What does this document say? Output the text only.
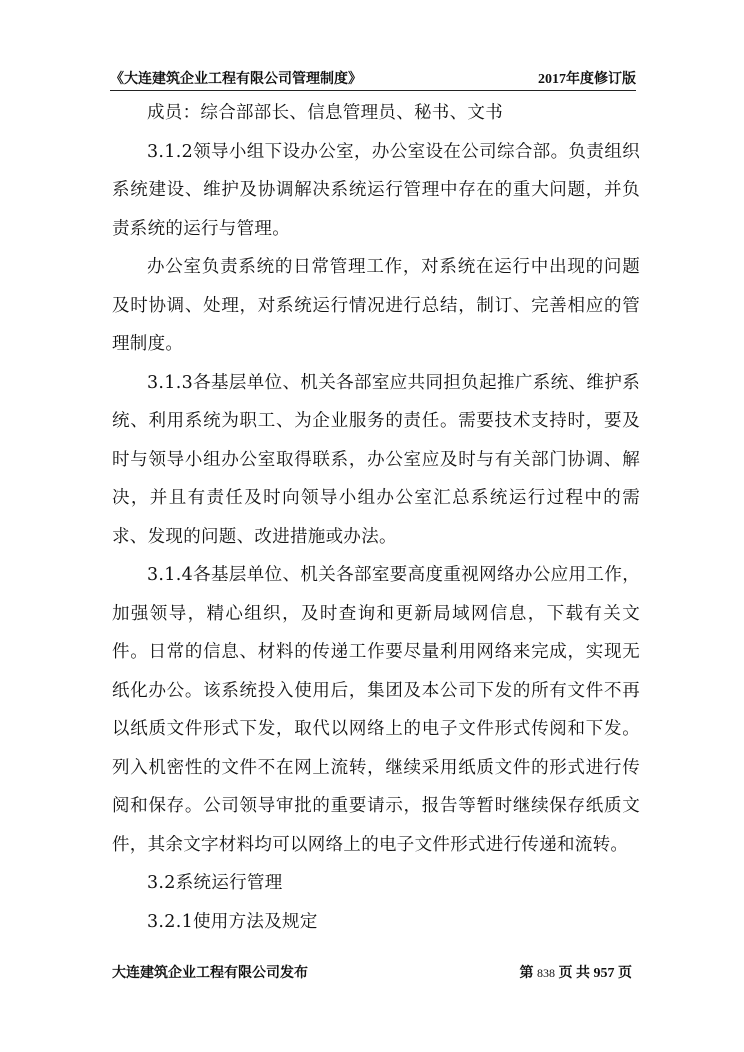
《大连建筑企业工程有限公司管理制度》	2017年度修订版

成员：综合部部长、信息管理员、秘书、文书

3.1.2领导小组下设办公室，办公室设在公司综合部。负责组织系统建设、维护及协调解决系统运行管理中存在的重大问题，并负责系统的运行与管理。

办公室负责系统的日常管理工作，对系统在运行中出现的问题及时协调、处理，对系统运行情况进行总结，制订、完善相应的管理制度。

3.1.3各基层单位、机关各部室应共同担负起推广系统、维护系统、利用系统为职工、为企业服务的责任。需要技术支持时，要及时与领导小组办公室取得联系，办公室应及时与有关部门协调、解决，并且有责任及时向领导小组办公室汇总系统运行过程中的需求、发现的问题、改进措施或办法。

3.1.4各基层单位、机关各部室要高度重视网络办公应用工作，加强领导，精心组织，及时查询和更新局域网信息，下载有关文件。日常的信息、材料的传递工作要尽量利用网络来完成，实现无纸化办公。该系统投入使用后，集团及本公司下发的所有文件不再以纸质文件形式下发，取代以网络上的电子文件形式传阅和下发。列入机密性的文件不在网上流转，继续采用纸质文件的形式进行传阅和保存。公司领导审批的重要请示，报告等暂时继续保存纸质文件，其余文字材料均可以网络上的电子文件形式进行传递和流转。

3.2系统运行管理

3.2.1使用方法及规定

大连建筑企业工程有限公司发布	第 838 页 共 957 页
